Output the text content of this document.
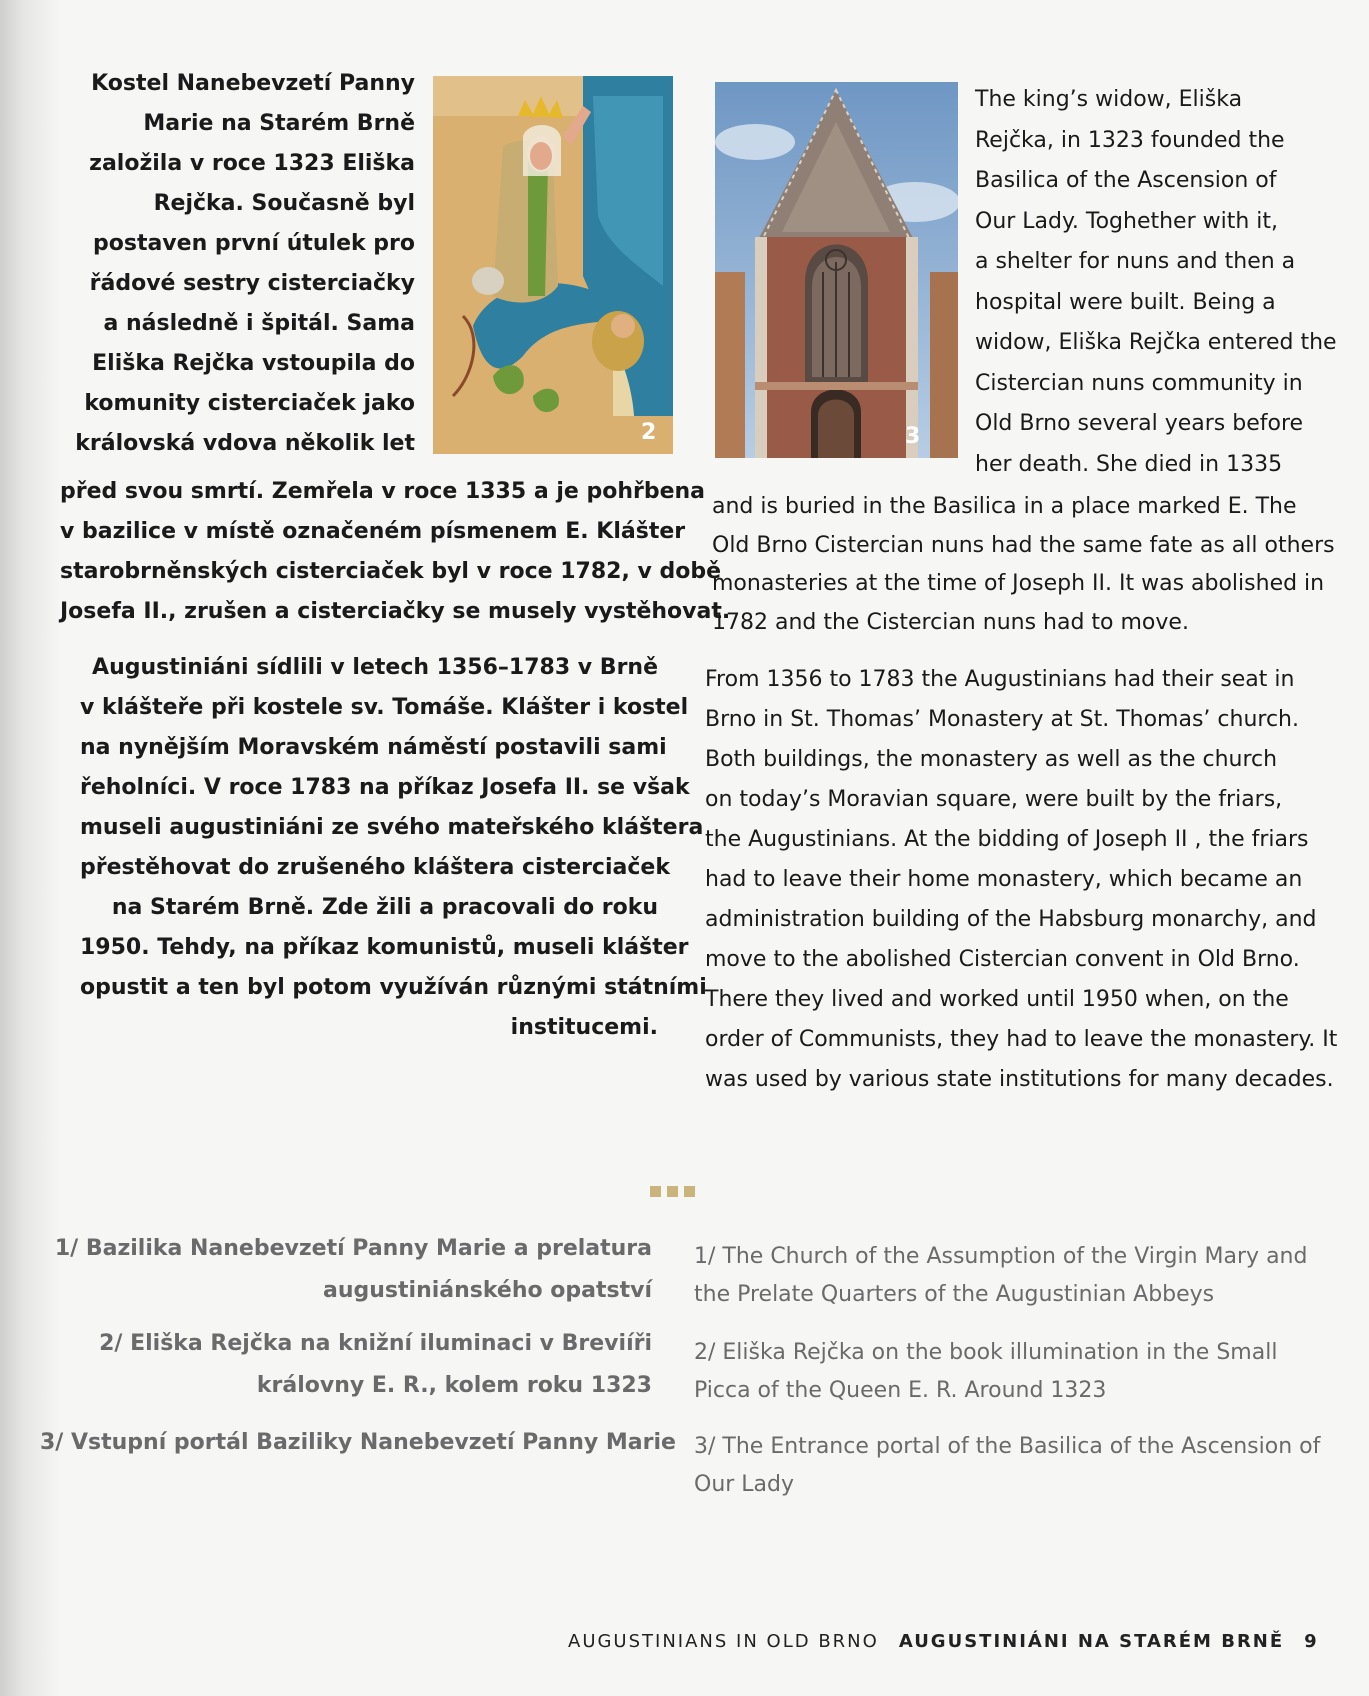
Kostel Nanebevzetí Panny
Marie na Starém Brně
založila v roce 1323 Eliška
Rejčka. Současně byl
postaven první útulek pro
řádové sestry cisterciačky
a následně i špitál. Sama
Eliška Rejčka vstoupila do
komunity cisterciaček jako
královská vdova několik let
před svou smrtí. Zemřela v roce 1335 a je pohřbena
v bazilice v místě označeném písmenem E. Klášter
starobrněnských cisterciaček byl v roce 1782, v době
Josefa II., zrušen a cisterciačky se musely vystěhovat.
Augustiniáni sídlili v letech 1356–1783 v Brně
v klášteře při kostele sv. Tomáše. Klášter i kostel
na nynějším Moravském náměstí postavili sami
řeholníci. V roce 1783 na příkaz Josefa II. se však
museli augustiniáni ze svého mateřského kláštera
přestěhovat do zrušeného kláštera cisterciaček
na Starém Brně. Zde žili a pracovali do roku
1950. Tehdy, na příkaz komunistů, museli klášter
opustit a ten byl potom využíván různými státními
institucemi.
2	3
The king’s widow, Eliška
Rejčka, in 1323 founded the
Basilica of the Ascension of
Our Lady. Toghether with it,
a shelter for nuns and then a
hospital were built. Being a
widow, Eliška Rejčka entered the
Cistercian nuns community in
Old Brno several years before
her death. She died in 1335
and is buried in the Basilica in a place marked E. The
Old Brno Cistercian nuns had the same fate as all others
monasteries at the time of Joseph II. It was abolished in
1782 and the Cistercian nuns had to move.
From 1356 to 1783 the Augustinians had their seat in
Brno in St. Thomas’ Monastery at St. Thomas’ church.
Both buildings, the monastery as well as the church
on today’s Moravian square, were built by the friars,
the Augustinians. At the bidding of Joseph II , the friars
had to leave their home monastery, which became an
administration building of the Habsburg monarchy, and
move to the abolished Cistercian convent in Old Brno.
There they lived and worked until 1950 when, on the
order of Communists, they had to leave the monastery. It
was used by various state institutions for many decades.
1/ Bazilika Nanebevzetí Panny Marie a prelatura
augustiniánského opatství
2/ Eliška Rejčka na knižní iluminaci v Breviíři
královny E. R., kolem roku 1323
3/ Vstupní portál Baziliky Nanebevzetí Panny Marie
1/ The Church of the Assumption of the Virgin Mary and
the Prelate Quarters of the Augustinian Abbeys
2/ Eliška Rejčka on the book illumination in the Small
Picca of the Queen E. R. Around 1323
3/ The Entrance portal of the Basilica of the Ascension of
Our Lady
AUGUSTINIANS IN OLD BRNO AUGUSTINIÁNI NA STARÉM BRNĚ 9
